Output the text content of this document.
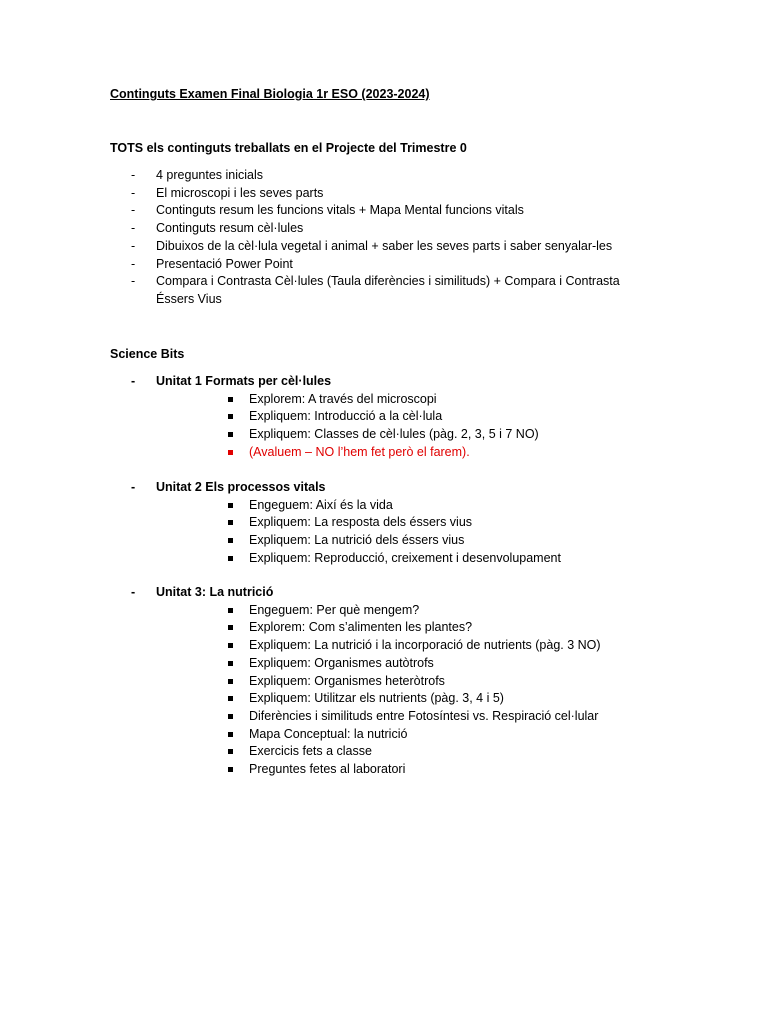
Continguts Examen Final Biologia 1r ESO (2023-2024)
TOTS els continguts treballats en el Projecte del Trimestre 0
- 4 preguntes inicials
- El microscopi i les seves parts
- Continguts resum les funcions vitals + Mapa Mental funcions vitals
- Continguts resum cèl·lules
- Dibuixos de la cèl·lula vegetal i animal + saber les seves parts i saber senyalar-les
- Presentació Power Point
- Compara i Contrasta Cèl·lules (Taula diferències i similituds) + Compara i Contrasta Éssers Vius
Science Bits
- Unitat 1 Formats per cèl·lules
Explorem: A través del microscopi
Expliquem: Introducció a la cèl·lula
Expliquem: Classes de cèl·lules (pàg. 2, 3, 5 i 7 NO)
(Avaluem – NO l’hem fet però el farem).
- Unitat 2 Els processos vitals
Engeguem: Així és la vida
Expliquem: La resposta dels éssers vius
Expliquem: La nutrició dels éssers vius
Expliquem: Reproducció, creixement i desenvolupament
- Unitat 3: La nutrició
Engeguem: Per què mengem?
Explorem: Com s’alimenten les plantes?
Expliquem: La nutrició i la incorporació de nutrients (pàg. 3 NO)
Expliquem: Organismes autòtrofs
Expliquem: Organismes heteròtrofs
Expliquem: Utilitzar els nutrients (pàg. 3, 4 i 5)
Diferències i similituds entre Fotosíntesi vs. Respiració cel·lular
Mapa Conceptual: la nutrició
Exercicis fets a classe
Preguntes fetes al laboratori
